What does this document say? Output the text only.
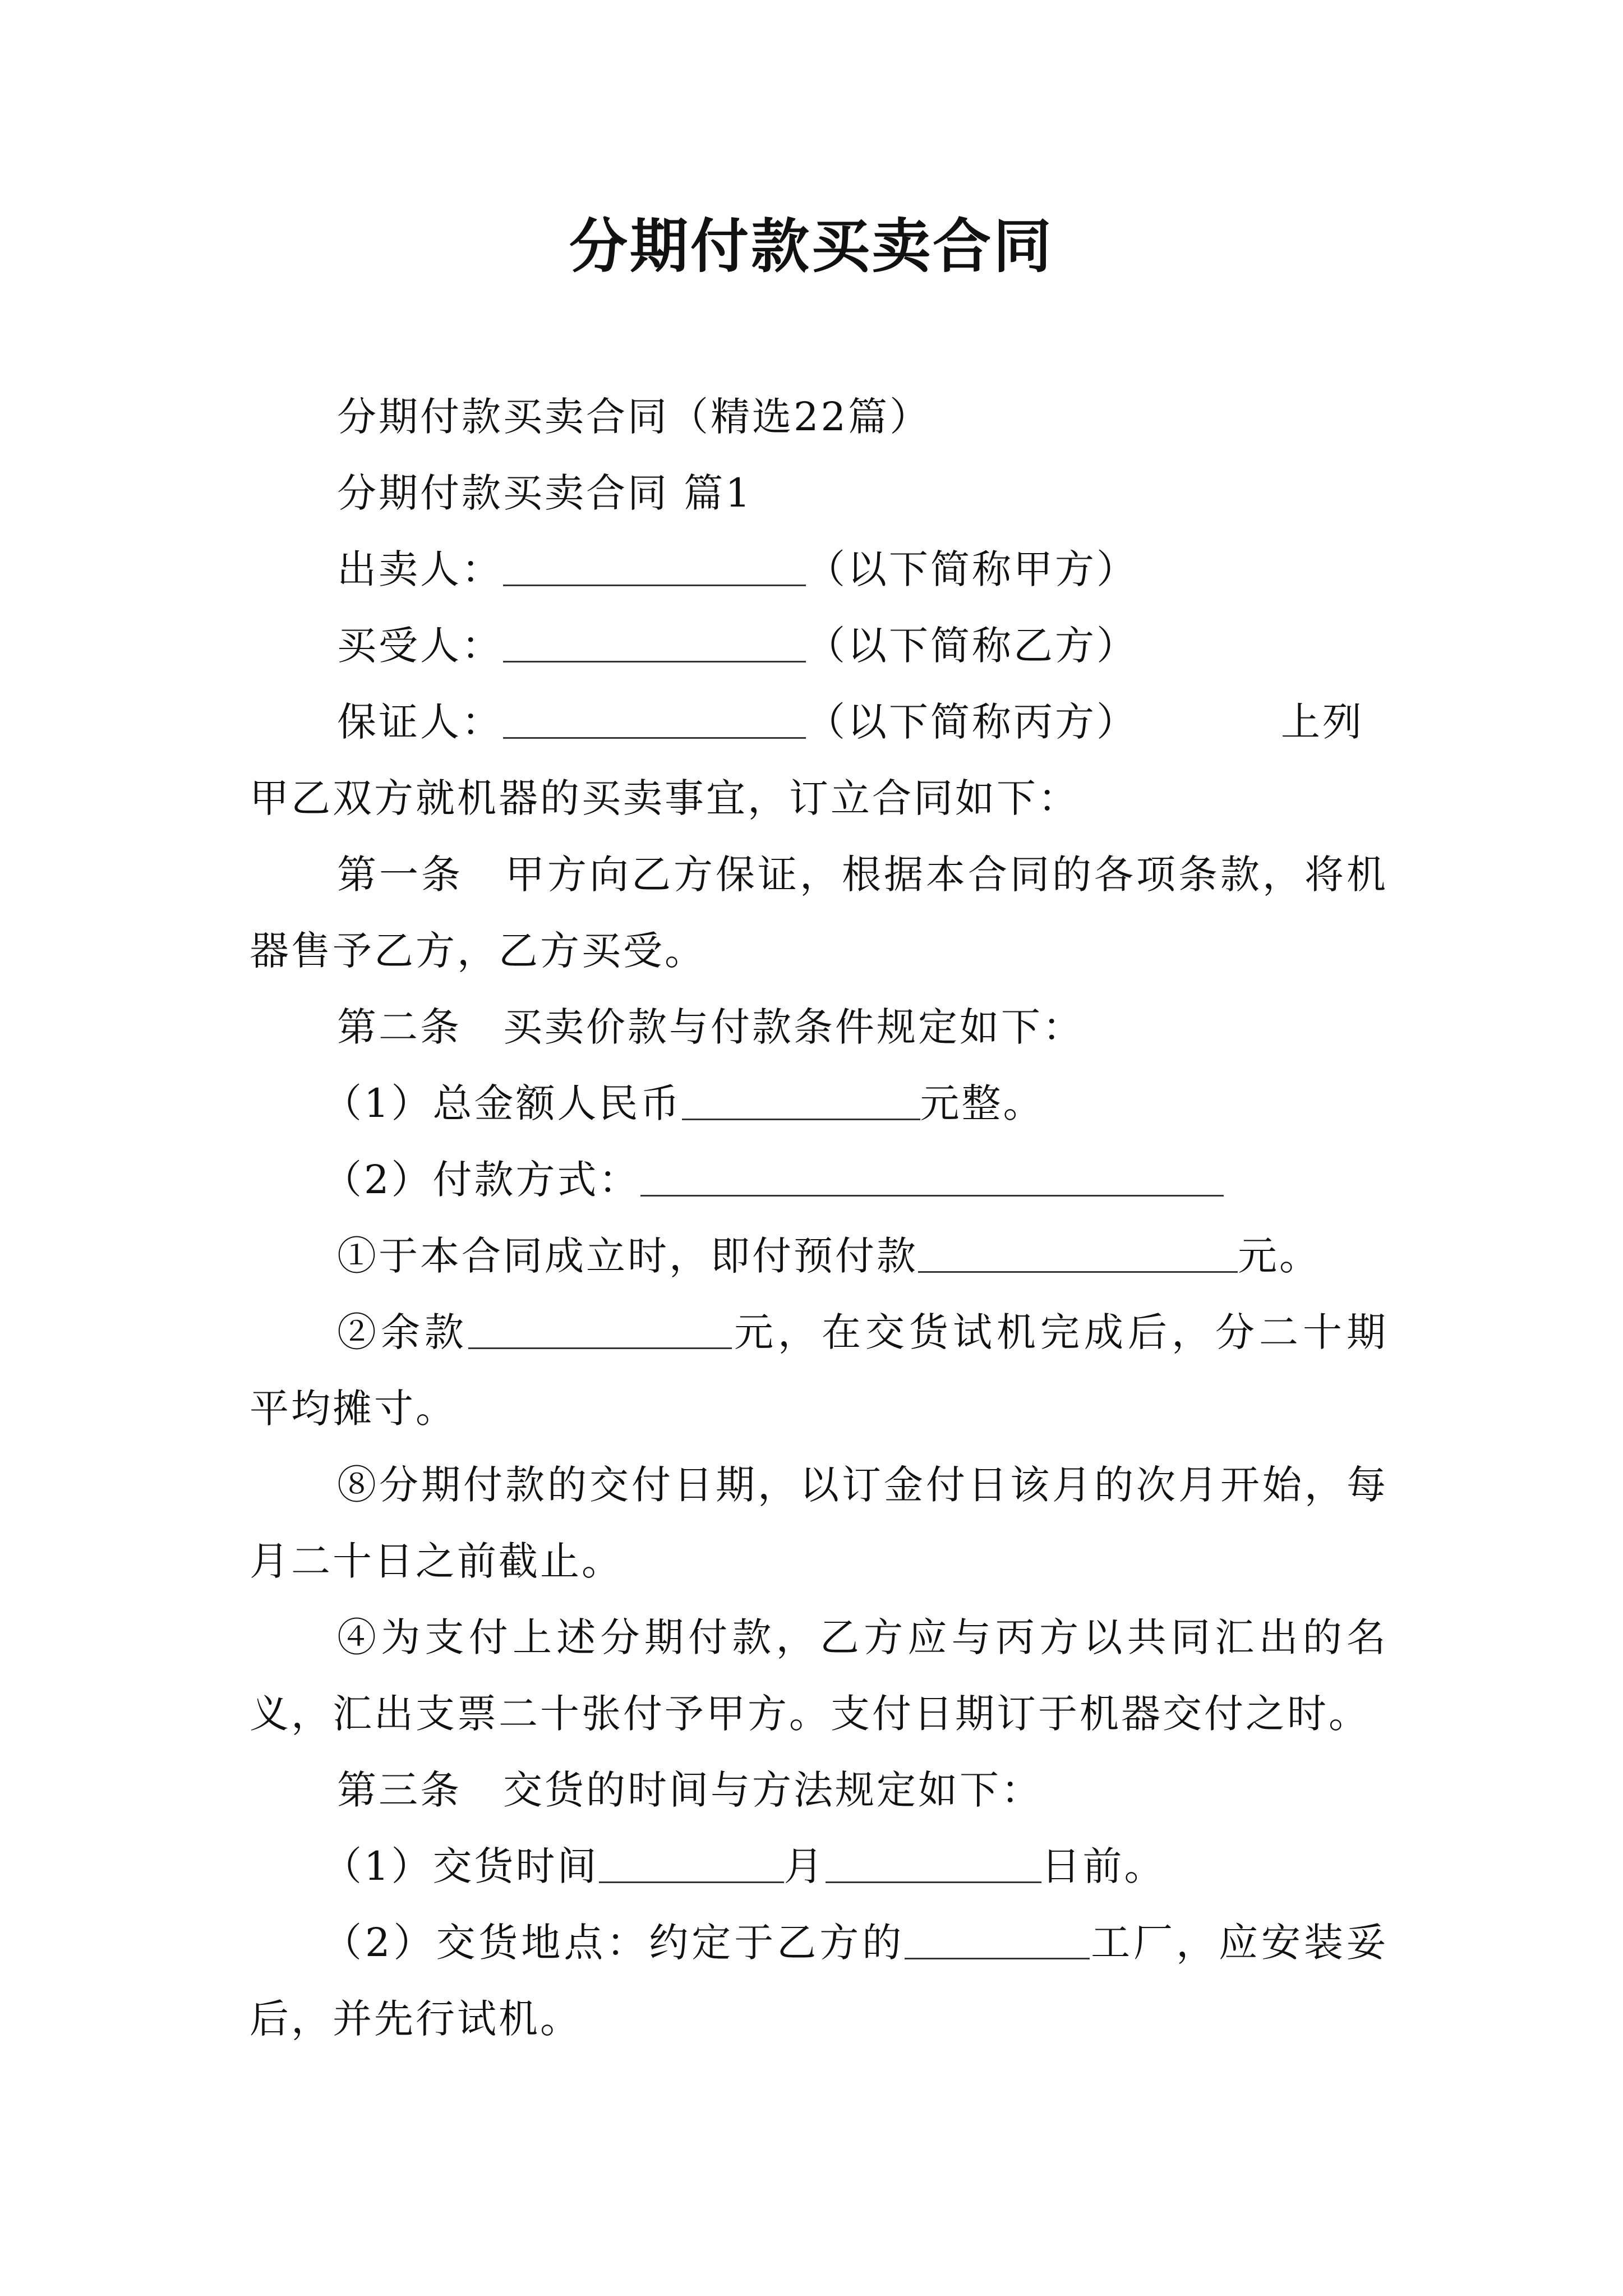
分期付款买卖合同

分期付款买卖合同（精选22篇）

分期付款买卖合同 篇1

出卖人：	（以下简称甲方）

买受人：	（以下简称乙方）

保证人：	（以下简称丙方）	上列

甲乙双方就机器的买卖事宜，订立合同如下：

第一条　甲方向乙方保证，根据本合同的各项条款，将机器售予乙方，乙方买受。

第二条　买卖价款与付款条件规定如下：

（1）总金额人民币	元整。

（2）付款方式：

①于本合同成立时，即付预付款	元。

②余款	元，在交货试机完成后，分二十期平均摊寸。

⑧分期付款的交付日期，以订金付日该月的次月开始，每月二十日之前截止。

④为支付上述分期付款，乙方应与丙方以共同汇出的名义，汇出支票二十张付予甲方。支付日期订于机器交付之时。

第三条　交货的时间与方法规定如下：

（1）交货时间	月	日前。

（2）交货地点：约定于乙方的	工厂，应安装妥后，并先行试机。
